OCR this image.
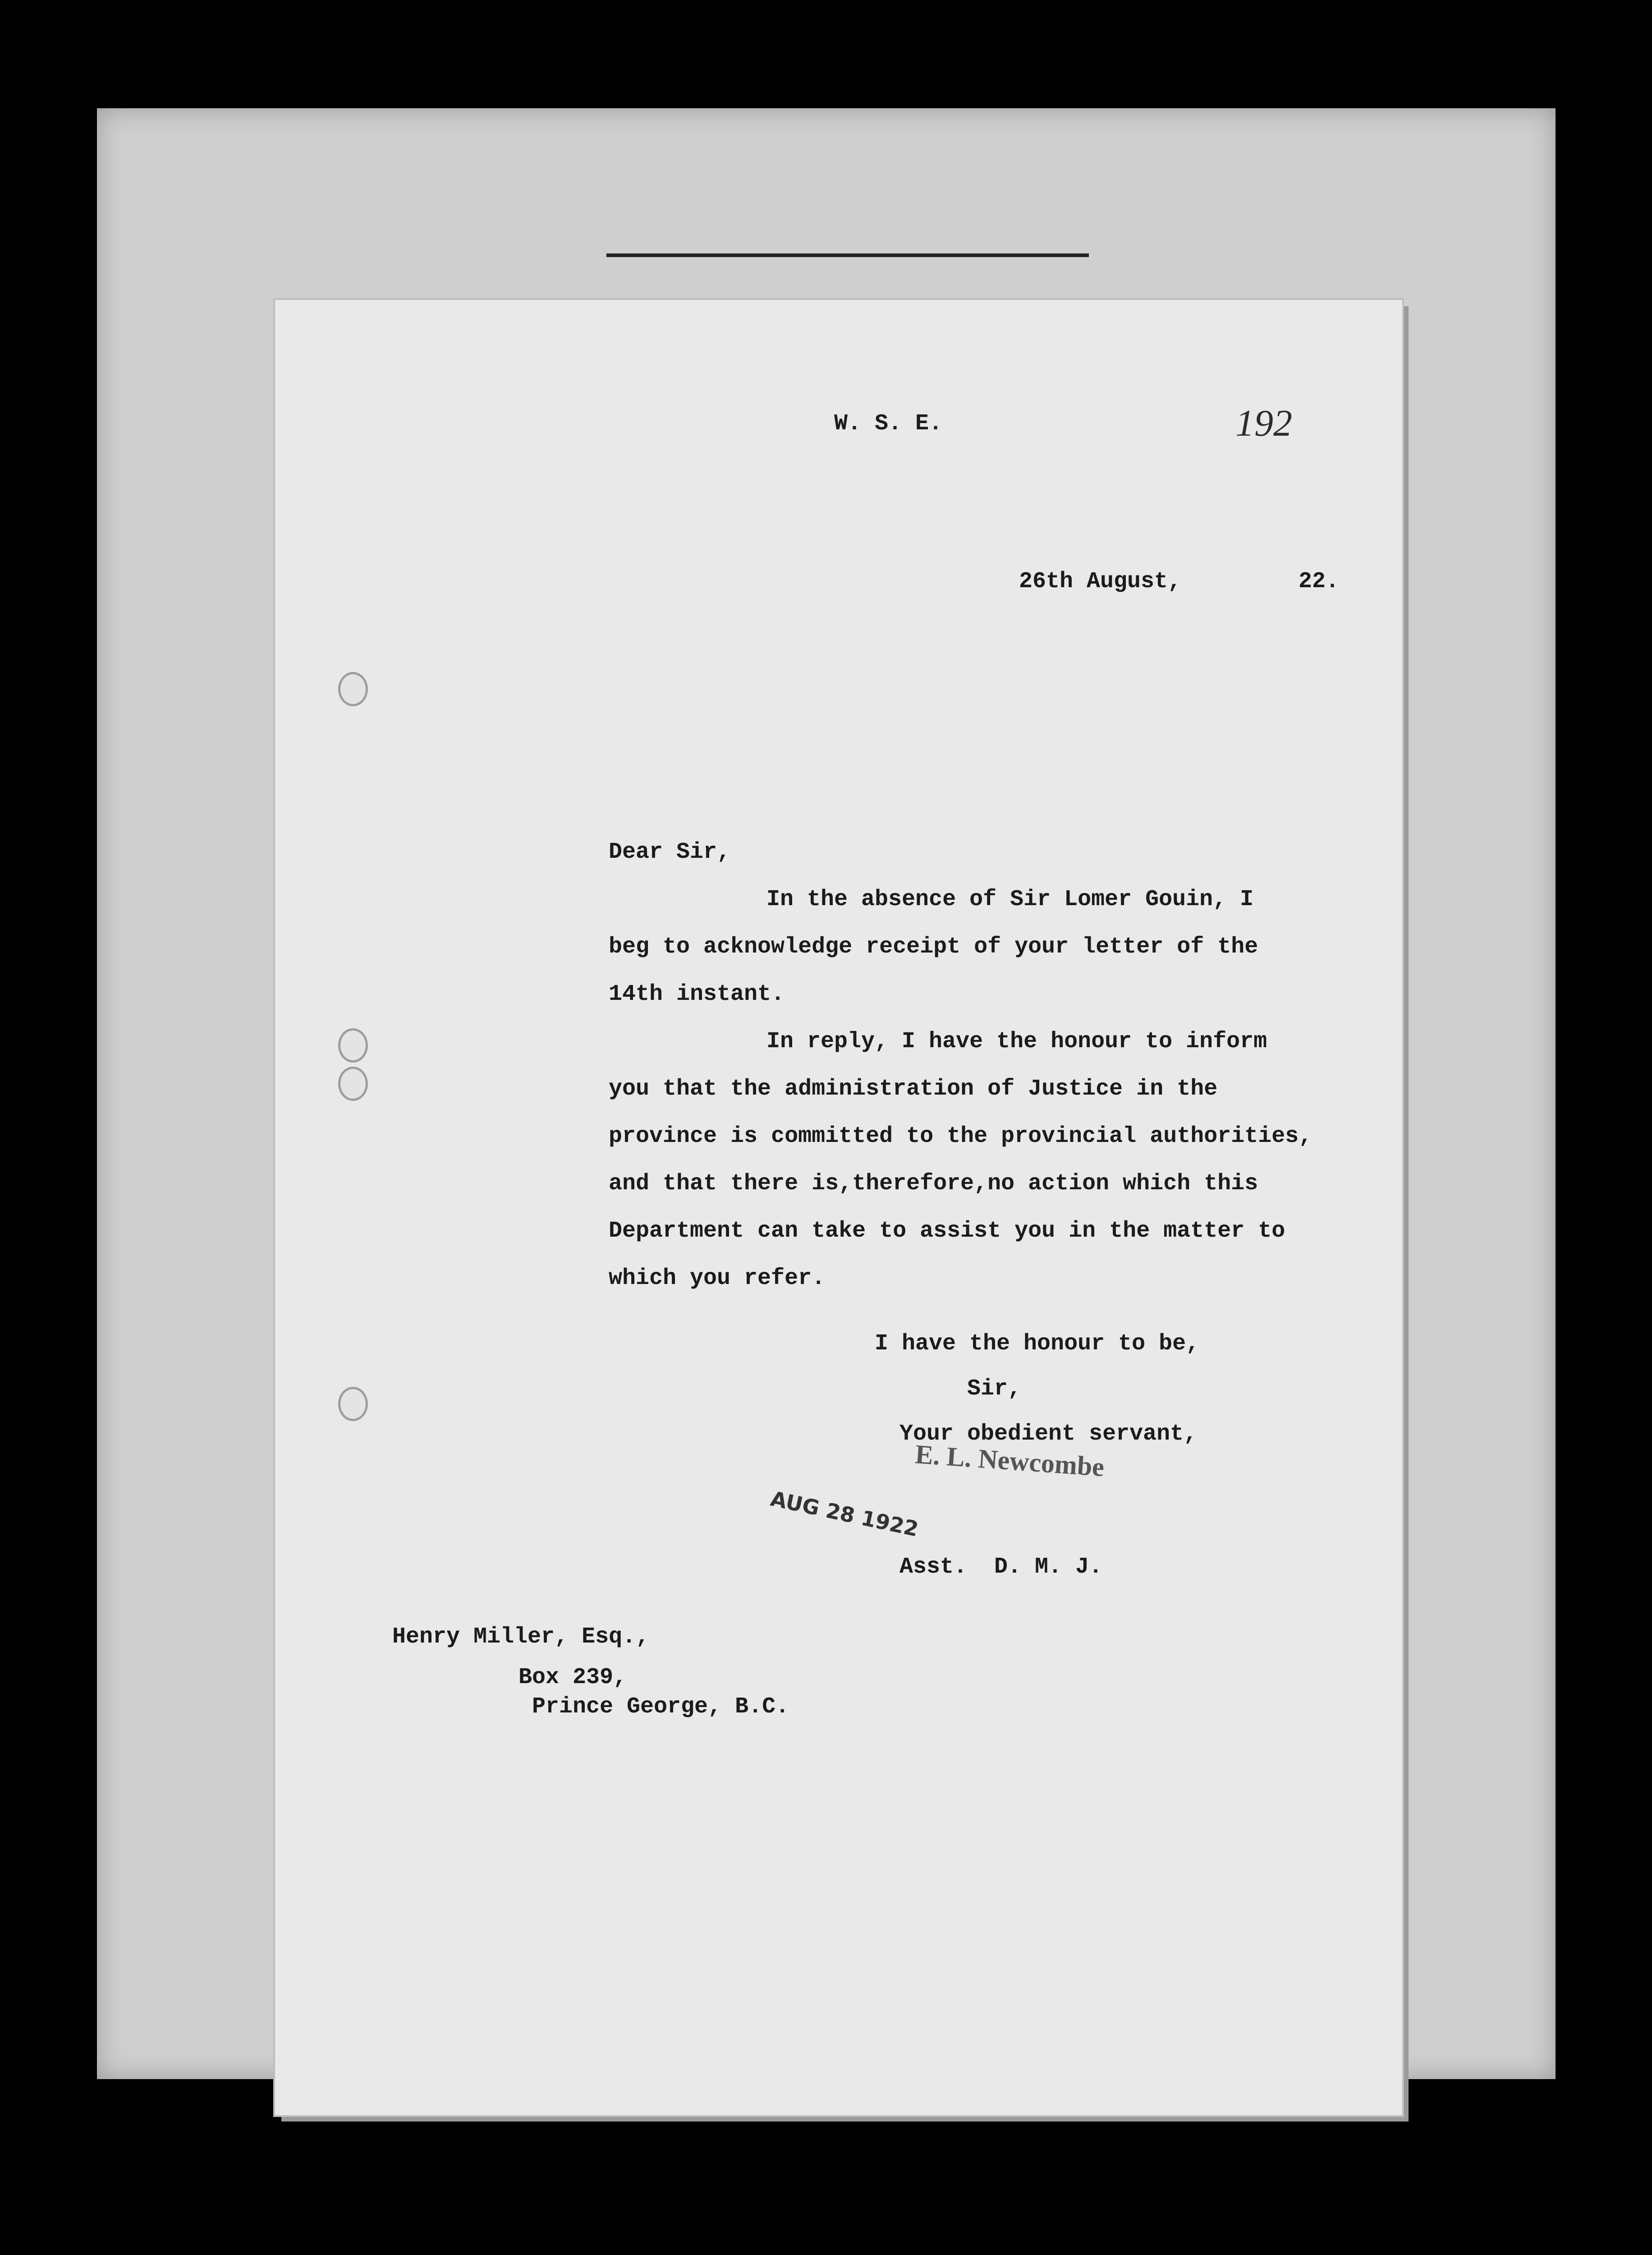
W. S. E.	192

26th August,	22.

Dear Sir,

In the absence of Sir Lomer Gouin, I

beg to acknowledge receipt of your letter of the

14th instant.

In reply, I have the honour to inform

you that the administration of Justice in the

province is committed to the provincial authorities,

and that there is,therefore,no action which this

Department can take to assist you in the matter to

which you refer.

I have the honour to be,

Sir,

Your obedient servant,

E. L. Newcombe

AUG 28 1922

Asst.  D. M. J.

Henry Miller, Esq.,

Box 239,

Prince George, B.C.
